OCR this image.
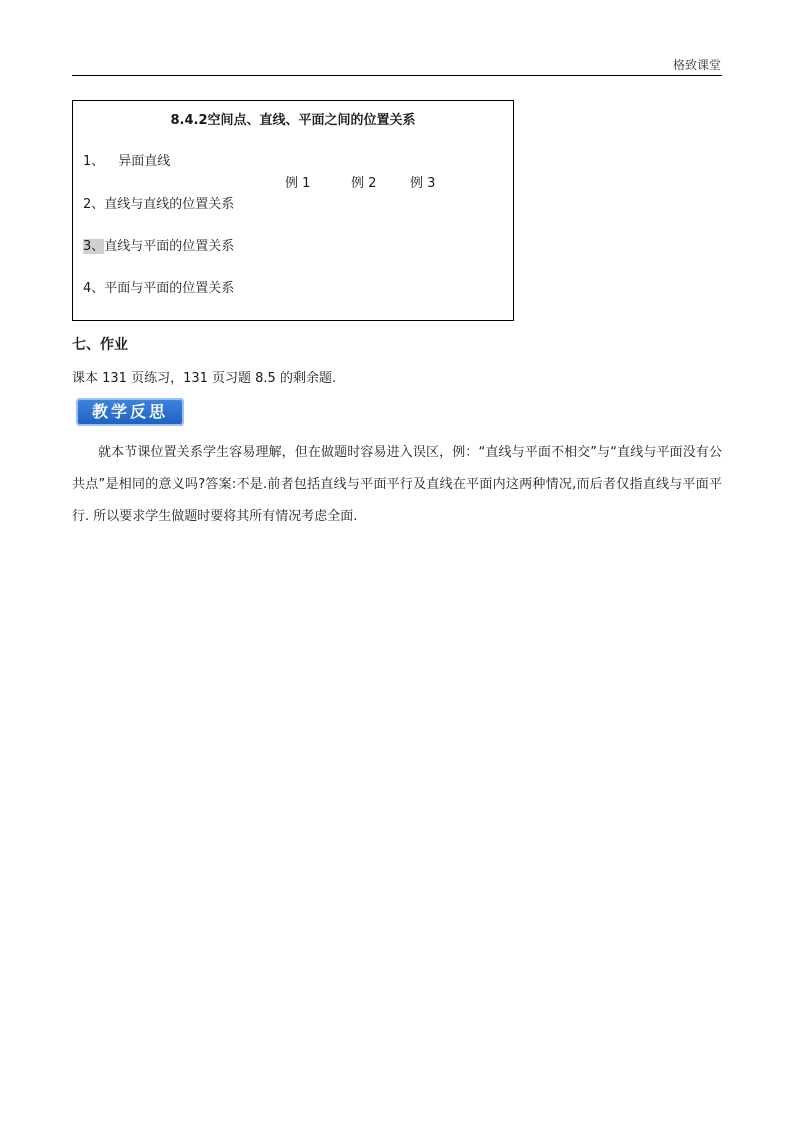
格致课堂
8.4.2空间点、直线、平面之间的位置关系
1、 异面直线
例 1	例 2	例 3
2、直线与直线的位置关系
3、直线与平面的位置关系
4、平面与平面的位置关系
七、作业
课本 131 页练习，131 页习题 8.5 的剩余题.
教学反思

就本节课位置关系学生容易理解，但在做题时容易进入误区，例：“直线与平面不相交”与“直线与平面没有公共点”是相同的意义吗?答案:不是.前者包括直线与平面平行及直线在平面内这两种情况,而后者仅指直线与平面平行. 所以要求学生做题时要将其所有情况考虑全面.
